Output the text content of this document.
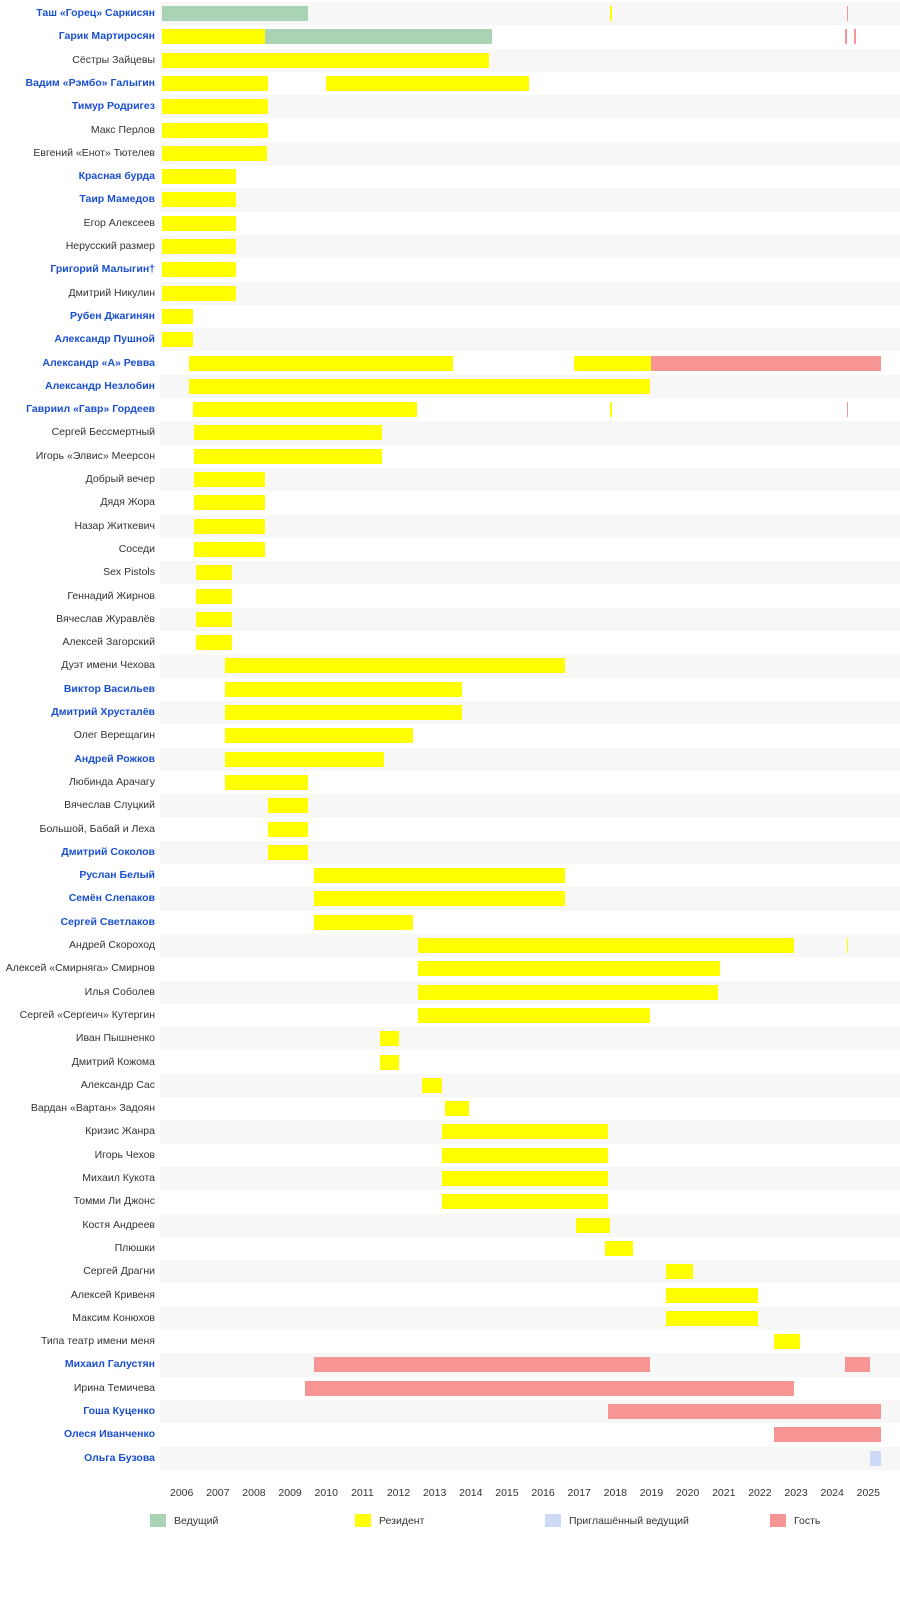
Таш «Горец» Саркисян
Гарик Мартиросян
Сёстры Зайцевы
Вадим «Рэмбо» Галыгин
Тимур Родригез
Макс Перлов
Евгений «Енот» Тютелев
Красная бурда
Таир Мамедов
Егор Алексеев
Нерусский размер
Григорий Малыгин†
Дмитрий Никулин
Рубен Джагинян
Александр Пушной
Александр «А» Ревва
Александр Незлобин
Гавриил «Гавр» Гордеев
Сергей Бессмертный
Игорь «Элвис» Меерсон
Добрый вечер
Дядя Жора
Назар Житкевич
Соседи
Sex Pistols
Геннадий Жирнов
Вячеслав Журавлёв
Алексей Загорский
Дуэт имени Чехова
Виктор Васильев
Дмитрий Хрусталёв
Олег Верещагин
Андрей Рожков
Любинда Арачагу
Вячеслав Слуцкий
Большой, Бабай и Леха
Дмитрий Соколов
Руслан Белый
Семён Слепаков
Сергей Светлаков
Андрей Скороход
Алексей «Смирняга» Смирнов
Илья Соболев
Сергей «Сергеич» Кутергин
Иван Пышненко
Дмитрий Кожома
Александр Сас
Вардан «Вартан» Задоян
Кризис Жанра
Игорь Чехов
Михаил Кукота
Томми Ли Джонс
Костя Андреев
Плюшки
Сергей Драгни
Алексей Кривеня
Максим Конюхов
Типа театр имени меня
Михаил Галустян
Ирина Темичева
Гоша Куценко
Олеся Иванченко
Ольга Бузова
2006 2007 2008 2009 2010 2011 2012 2013 2014 2015 2016 2017 2018 2019 2020 2021 2022 2023 2024 2025
Ведущий	Резидент	Приглашённый ведущий	Гость
